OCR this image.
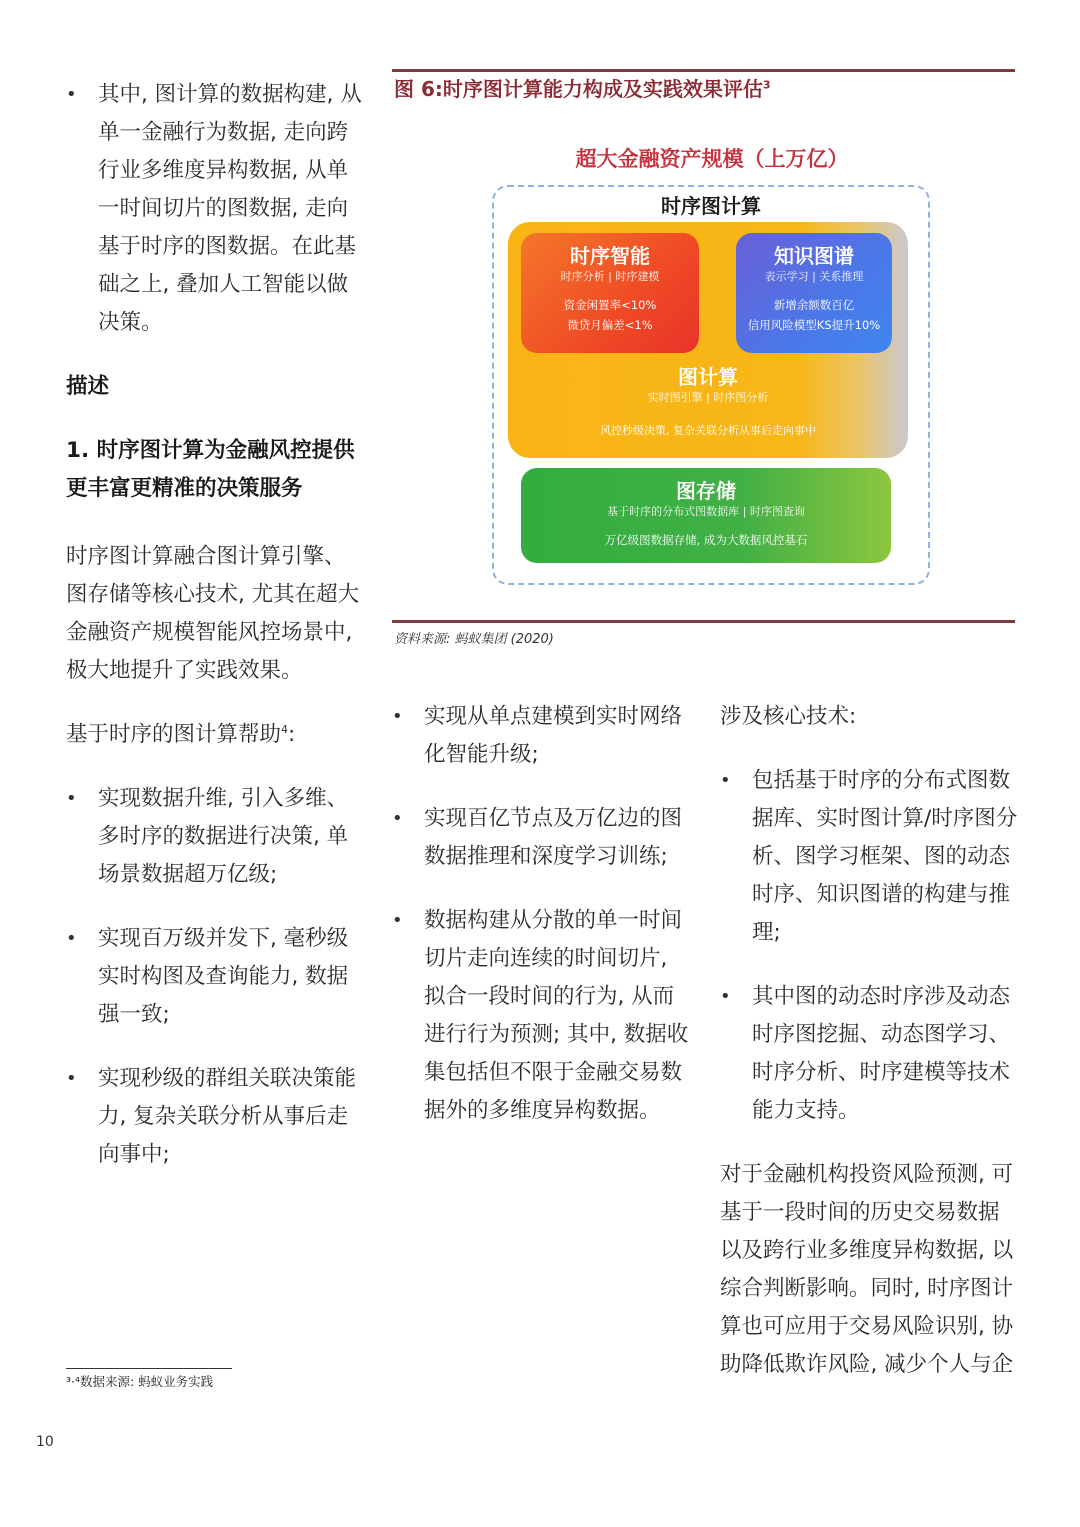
• 其中, 图计算的数据构建, 从单一金融行为数据, 走向跨行业多维度异构数据, 从单一时间切片的图数据, 走向基于时序的图数据。在此基础之上, 叠加人工智能以做决策。
描述
1. 时序图计算为金融风控提供更丰富更精准的决策服务

时序图计算融合图计算引擎、图存储等核心技术, 尤其在超大金融资产规模智能风控场景中, 极大地提升了实践效果。

基于时序的图计算帮助$^4$:

• 实现数据升维, 引入多维、多时序的数据进行决策, 单场景数据超万亿级;
• 实现百万级并发下, 毫秒级实时构图及查询能力, 数据强一致;
• 实现秒级的群组关联决策能力, 复杂关联分析从事后走向事中;
图 6:时序图计算能力构成及实践效果评估$^3$
超大金融资产规模（上万亿）
时序图计算
时序智能
时序分析 | 时序建模
资金闲置率<10%
微贷月偏差<1%
知识图谱
表示学习 | 关系推理
新增余额数百亿
信用风险模型KS提升10%
图计算
实时图引擎 | 时序图分析
风控秒级决策, 复杂关联分析从事后走向事中
图存储
基于时序的分布式图数据库 | 时序图查询
万亿级图数据存储, 成为大数据风控基石
资料来源: 蚂蚁集团 (2020)
• 实现从单点建模到实时网络化智能升级;
• 实现百亿节点及万亿边的图数据推理和深度学习训练;
• 数据构建从分散的单一时间切片走向连续的时间切片, 拟合一段时间的行为, 从而进行行为预测; 其中, 数据收集包括但不限于金融交易数据外的多维度异构数据。

涉及核心技术:

• 包括基于时序的分布式图数据库、实时图计算/时序图分析、图学习框架、图的动态时序、知识图谱的构建与推理;
• 其中图的动态时序涉及动态时序图挖掘、动态图学习、时序分析、时序建模等技术能力支持。

对于金融机构投资风险预测, 可基于一段时间的历史交易数据以及跨行业多维度异构数据, 以综合判断影响。同时, 时序图计算也可应用于交易风险识别, 协助降低欺诈风险, 减少个人与企

³·⁴数据来源: 蚂蚁业务实践
10
